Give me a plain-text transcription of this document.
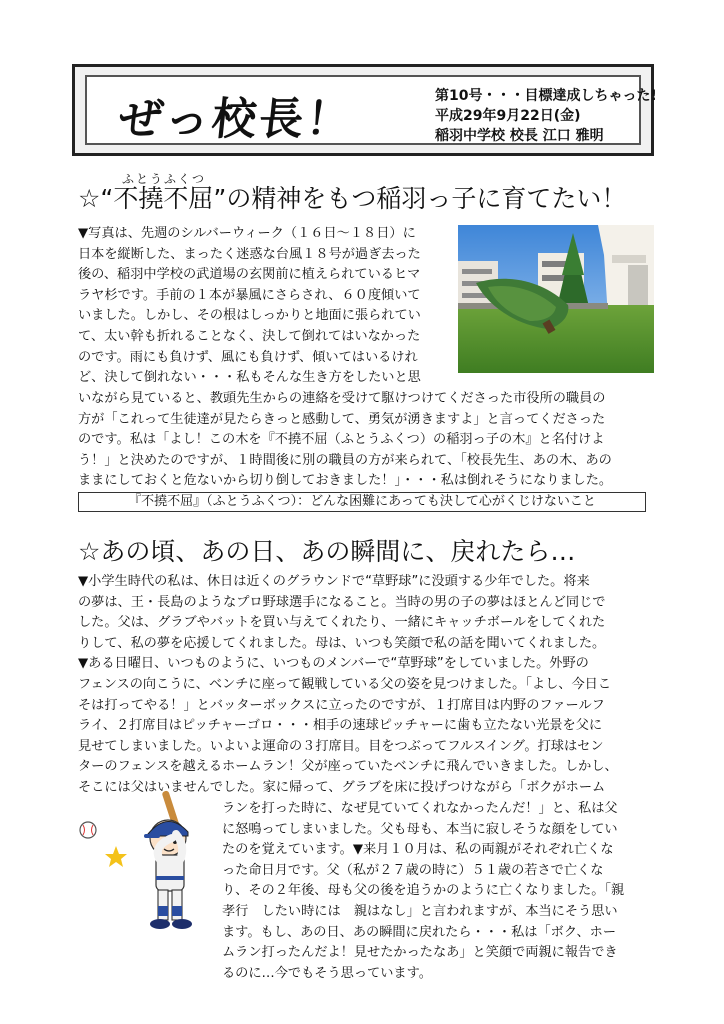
ぜっ校長！	第10号・・・目標達成しちゃった!
平成29年9月22日(金)
稲羽中学校 校長 江口 雅明
ふとうふくつ
☆“不撓不屈”の精神をもつ稲羽っ子に育てたい！

▼写真は、先週のシルバーウィーク（１６日〜１８日）に

日本を縦断した、まったく迷惑な台風１８号が過ぎ去った

後の、稲羽中学校の武道場の玄関前に植えられているヒマ

ラヤ杉です。手前の１本が暴風にさらされ、６０度傾いて

いました。しかし、その根はしっかりと地面に張られてい

て、太い幹も折れることなく、決して倒れてはいなかった

のです。雨にも負けず、風にも負けず、傾いてはいるけれ

ど、決して倒れない・・・私もそんな生き方をしたいと思

いながら見ていると、教頭先生からの連絡を受けて駆けつけてくださった市役所の職員の

方が「これって生徒達が見たらきっと感動して、勇気が湧きますよ」と言ってくださった

のです。私は「よし！この木を『不撓不屈（ふとうふくつ）の稲羽っ子の木』と名付けよ

う！」と決めたのですが、１時間後に別の職員の方が来られて、「校長先生、あの木、あの

ままにしておくと危ないから切り倒しておきました！」・・・私は倒れそうになりました。

『不撓不屈』（ふとうふくつ）：どんな困難にあっても決して心がくじけないこと
☆あの頃、あの日、あの瞬間に、戻れたら…

▼小学生時代の私は、休日は近くのグラウンドで“草野球”に没頭する少年でした。将来

の夢は、王・長島のようなプロ野球選手になること。当時の男の子の夢はほとんど同じで

した。父は、グラブやバットを買い与えてくれたり、一緒にキャッチボールをしてくれた

りして、私の夢を応援してくれました。母は、いつも笑顔で私の話を聞いてくれました。

▼ある日曜日、いつものように、いつものメンバーで“草野球”をしていました。外野の

フェンスの向こうに、ベンチに座って観戦している父の姿を見つけました。「よし、今日こ

そは打ってやる！」とバッターボックスに立ったのですが、１打席目は内野のファールフ

ライ、２打席目はピッチャーゴロ・・・相手の速球ピッチャーに歯も立たない光景を父に

見せてしまいました。いよいよ運命の３打席目。目をつぶってフルスイング。打球はセン

ターのフェンスを越えるホームラン！父が座っていたベンチに飛んでいきました。しかし、

そこには父はいませんでした。家に帰って、グラブを床に投げつけながら「ボクがホーム

ランを打った時に、なぜ見ていてくれなかったんだ！」と、私は父

に怒鳴ってしまいました。父も母も、本当に寂しそうな顔をしてい

たのを覚えています。▼来月１０月は、私の両親がそれぞれ亡くな

った命日月です。父（私が２７歳の時に）５１歳の若さで亡くな

り、その２年後、母も父の後を追うかのように亡くなりました。「親

孝行　したい時には　親はなし」と言われますが、本当にそう思い

ます。もし、あの日、あの瞬間に戻れたら・・・私は「ボク、ホー

ムラン打ったんだよ！見せたかったなあ」と笑顔で両親に報告でき

るのに…今でもそう思っています。
